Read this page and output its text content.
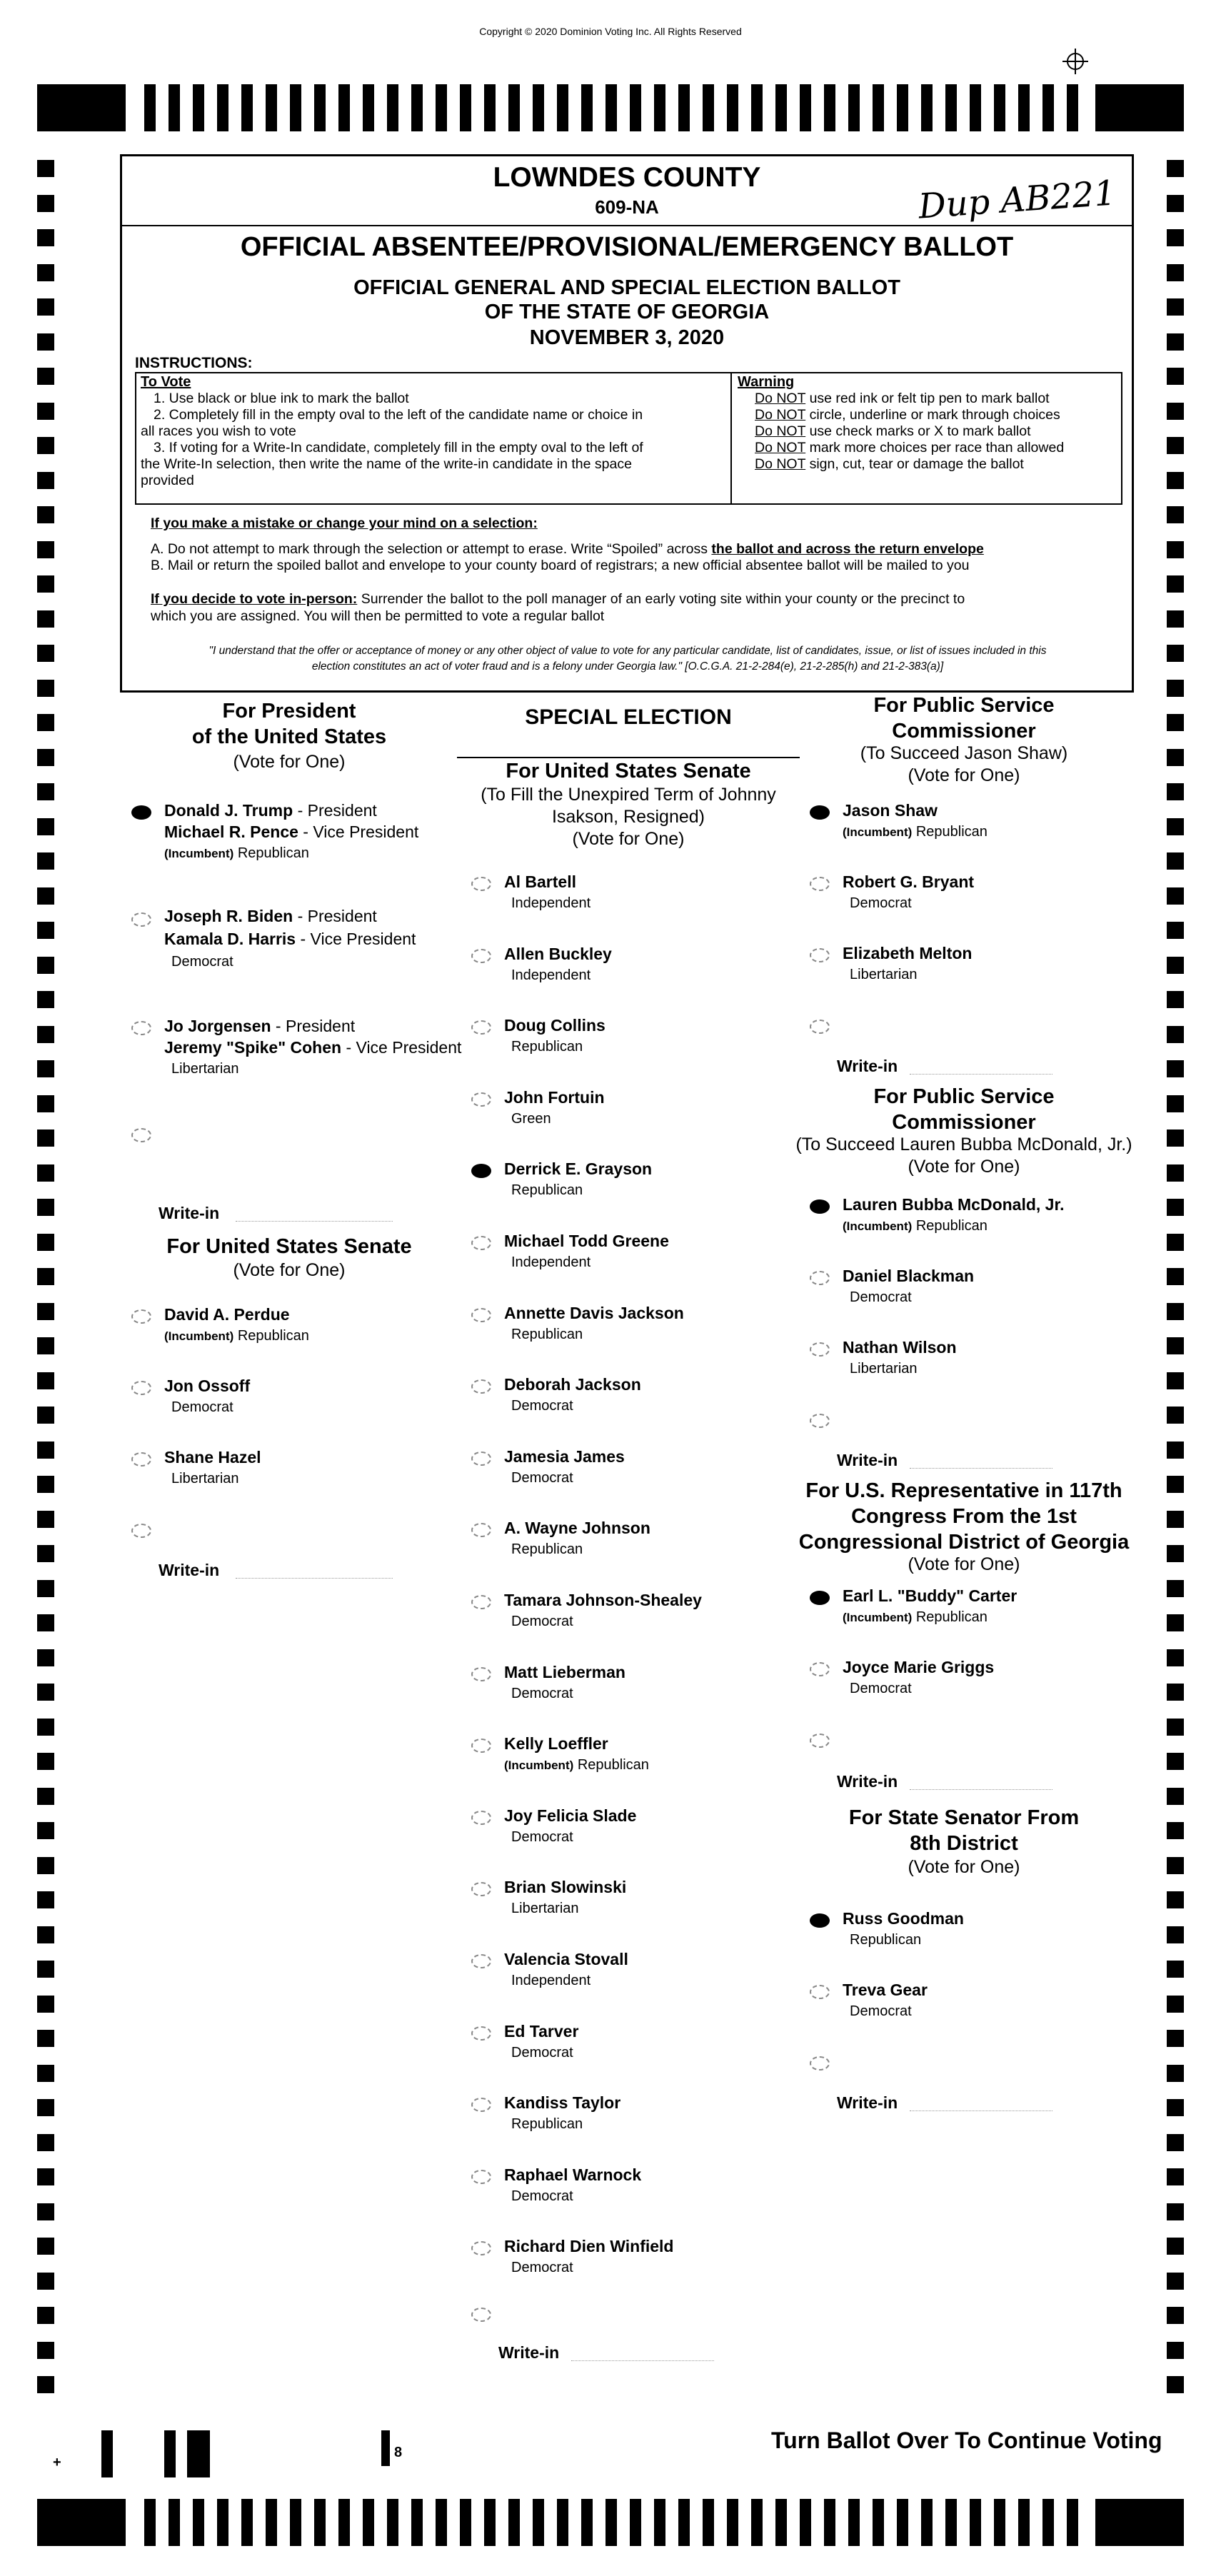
Copyright © 2020 Dominion Voting Inc. All Rights Reserved
LOWNDES COUNTY
609-NA
OFFICIAL ABSENTEE/PROVISIONAL/EMERGENCY BALLOT
OFFICIAL GENERAL AND SPECIAL ELECTION BALLOT
OF THE STATE OF GEORGIA
NOVEMBER 3, 2020
INSTRUCTIONS:
To Vote
1. Use black or blue ink to mark the ballot
2. Completely fill in the empty oval to the left of the candidate name or choice in
all races you wish to vote
3. If voting for a Write-In candidate, completely fill in the empty oval to the left of
the Write-In selection, then write the name of the write-in candidate in the space
provided
Warning
Do NOT use red ink or felt tip pen to mark ballot
Do NOT circle, underline or mark through choices
Do NOT use check marks or X to mark ballot
Do NOT mark more choices per race than allowed
Do NOT sign, cut, tear or damage the ballot
If you make a mistake or change your mind on a selection:
A. Do not attempt to mark through the selection or attempt to erase. Write “Spoiled” across the ballot and across the return envelope
B. Mail or return the spoiled ballot and envelope to your county board of registrars; a new official absentee ballot will be mailed to you
If you decide to vote in-person: Surrender the ballot to the poll manager of an early voting site within your county or the precinct to
which you are assigned. You will then be permitted to vote a regular ballot
"I understand that the offer or acceptance of money or any other object of value to vote for any particular candidate, list of candidates, issue, or list of issues included in this
election constitutes an act of voter fraud and is a felony under Georgia law." [O.C.G.A. 21-2-284(e), 21-2-285(h) and 21-2-383(a)]
Dup AB221
SPECIAL ELECTION
For President
of the United States
(Vote for One)
Donald J. Trump - President
Michael R. Pence - Vice President
(Incumbent) Republican
Joseph R. Biden - President
Kamala D. Harris - Vice President
Democrat
Jo Jorgensen - President
Jeremy "Spike" Cohen - Vice President
Libertarian
Write-in
For United States Senate
(Vote for One)
David A. Perdue
(Incumbent) Republican
Jon Ossoff
Democrat
Shane Hazel
Libertarian
Write-in
For United States Senate
(To Fill the Unexpired Term of Johnny
Isakson, Resigned)
(Vote for One)
Al Bartell
Independent
Allen Buckley
Independent
Doug Collins
Republican
John Fortuin
Green
Derrick E. Grayson
Republican
Michael Todd Greene
Independent
Annette Davis Jackson
Republican
Deborah Jackson
Democrat
Jamesia James
Democrat
A. Wayne Johnson
Republican
Tamara Johnson-Shealey
Democrat
Matt Lieberman
Democrat
Kelly Loeffler
(Incumbent) Republican
Joy Felicia Slade
Democrat
Brian Slowinski
Libertarian
Valencia Stovall
Independent
Ed Tarver
Democrat
Kandiss Taylor
Republican
Raphael Warnock
Democrat
Richard Dien Winfield
Democrat
Write-in
For Public Service
Commissioner
(To Succeed Jason Shaw)
(Vote for One)
Jason Shaw
(Incumbent) Republican
Robert G. Bryant
Democrat
Elizabeth Melton
Libertarian
Write-in
For Public Service
Commissioner
(To Succeed Lauren Bubba McDonald, Jr.)
(Vote for One)
Lauren Bubba McDonald, Jr.
(Incumbent) Republican
Daniel Blackman
Democrat
Nathan Wilson
Libertarian
Write-in
For U.S. Representative in 117th
Congress From the 1st
Congressional District of Georgia
(Vote for One)
Earl L. "Buddy" Carter
(Incumbent) Republican
Joyce Marie Griggs
Democrat
Write-in
For State Senator From
8th District
(Vote for One)
Russ Goodman
Republican
Treva Gear
Democrat
Write-in
+
8	Turn Ballot Over To Continue Voting
